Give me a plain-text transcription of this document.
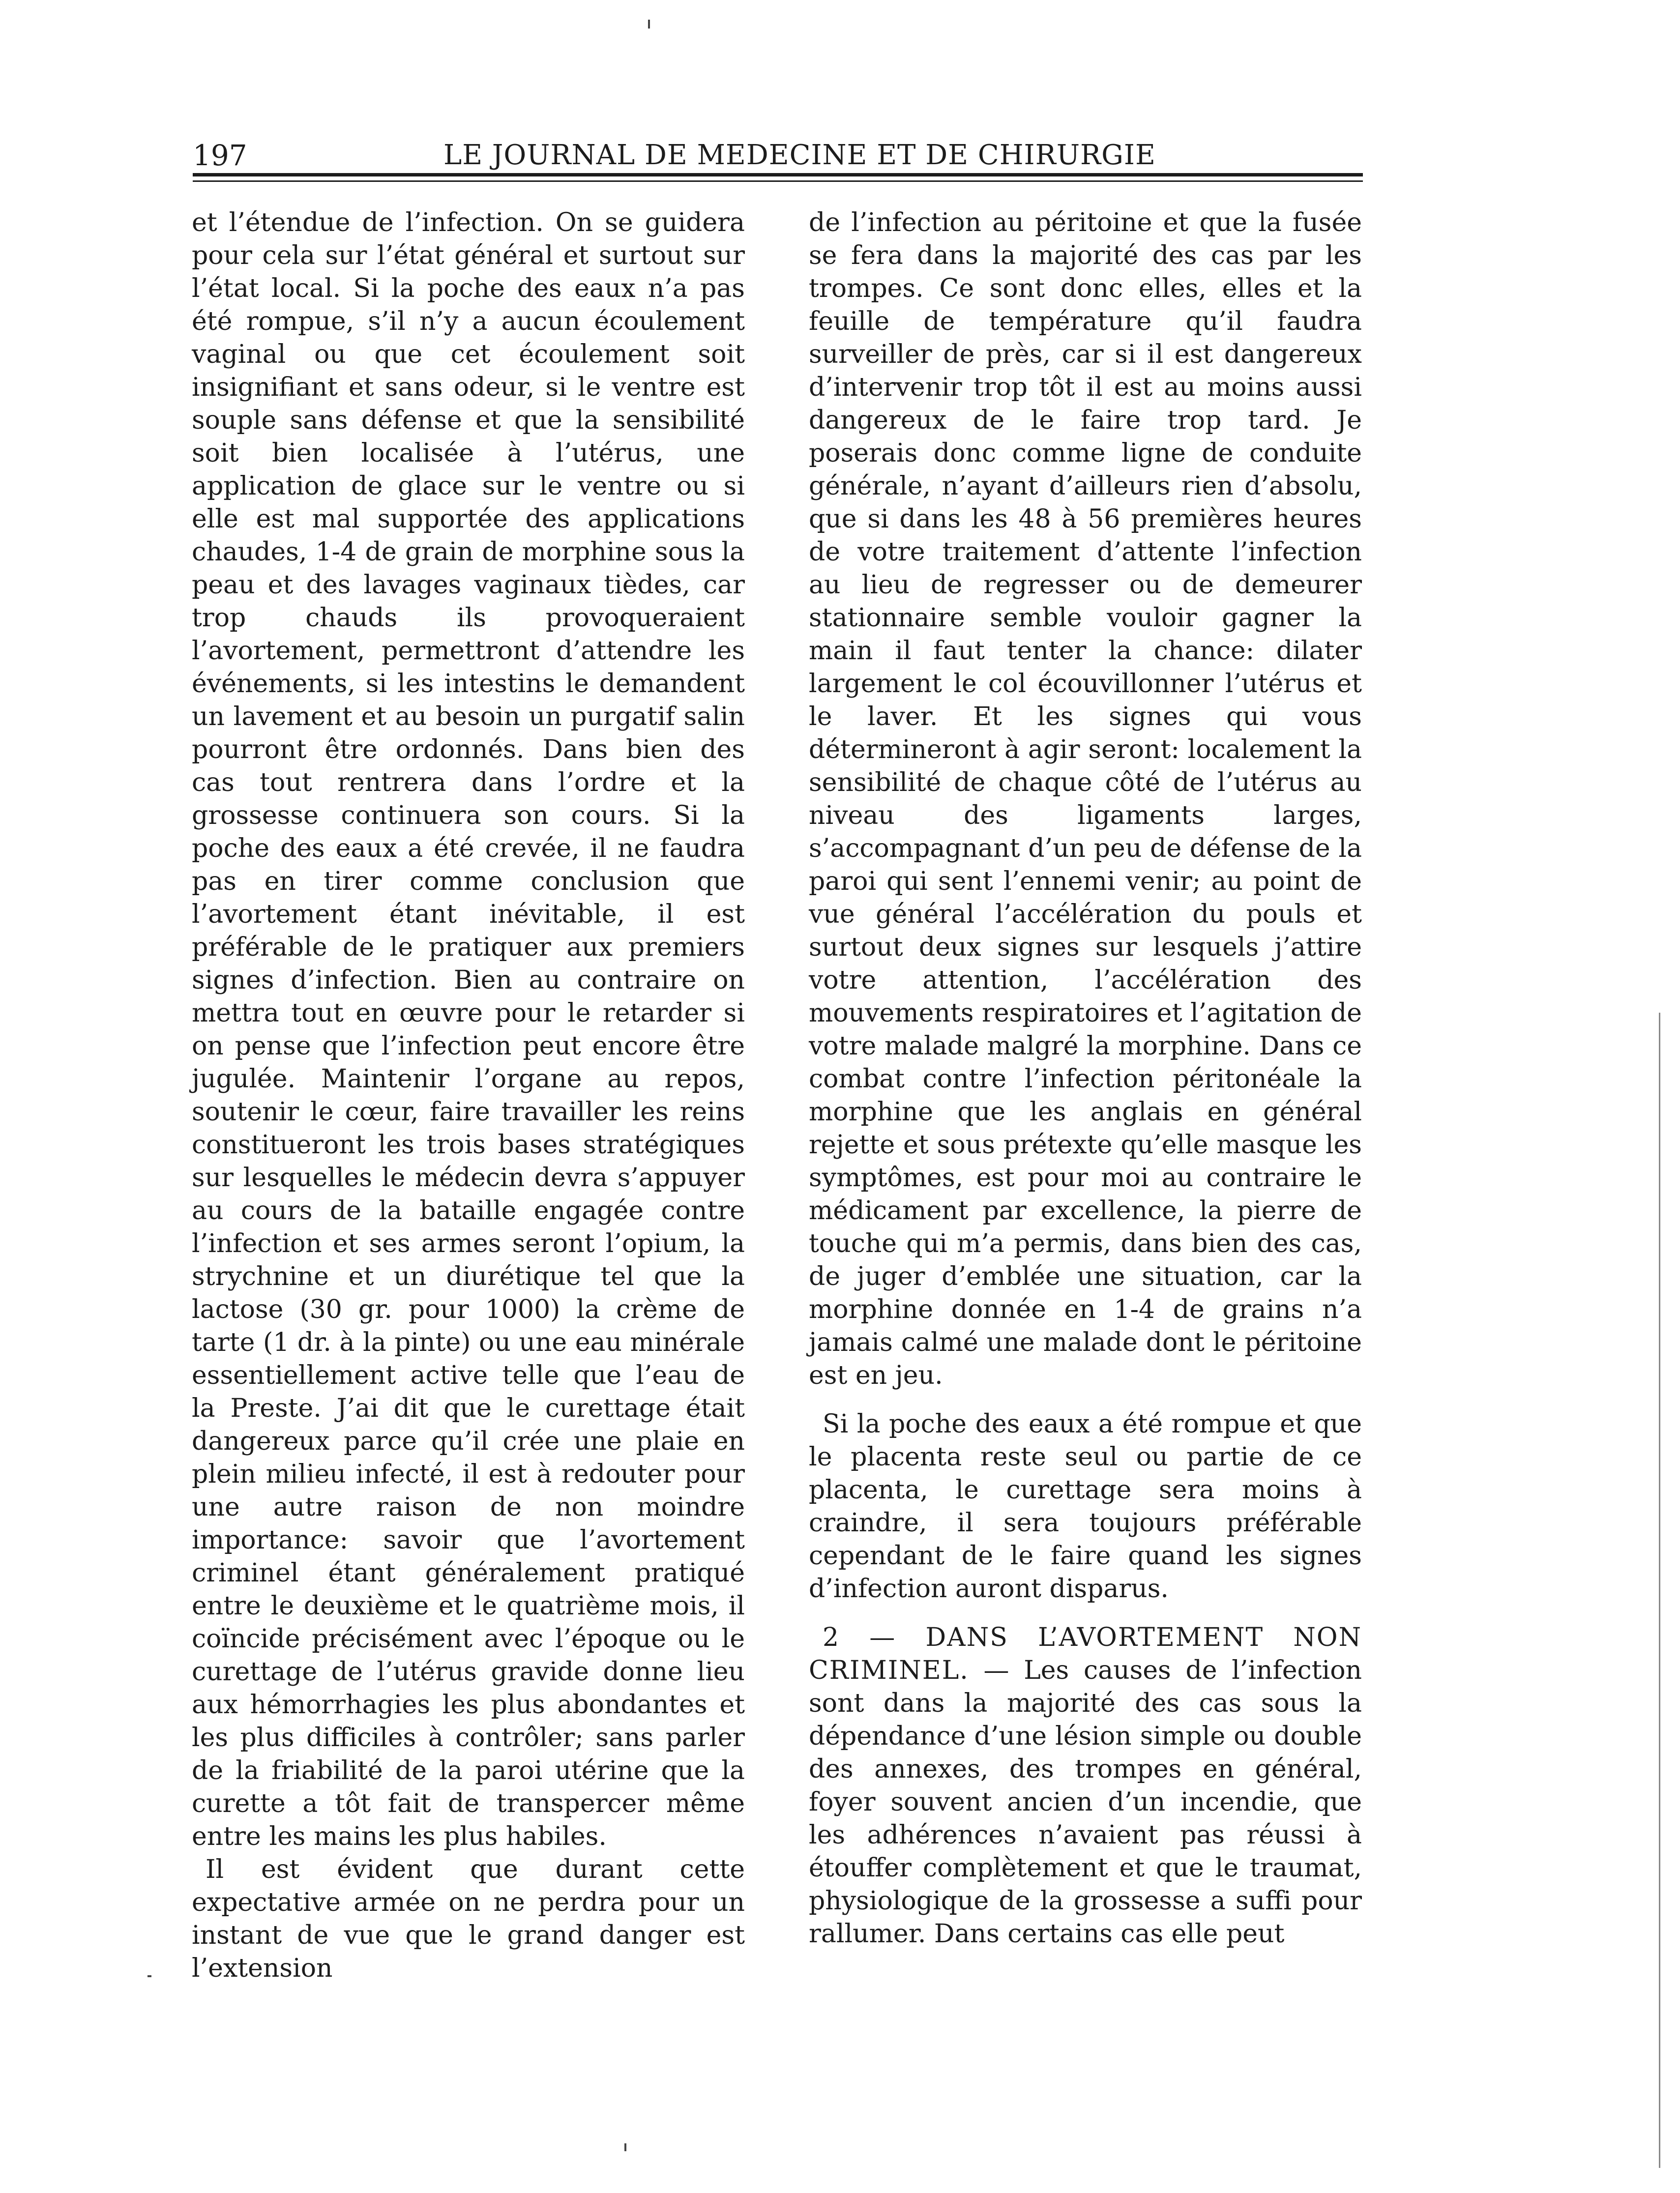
197	LE JOURNAL DE MEDECINE ET DE CHIRURGIE

et l’étendue de l’infection. On se guidera pour cela sur l’état général et surtout sur l’état local. Si la poche des eaux n’a pas été rompue, s’il n’y a aucun écoulement vaginal ou que cet écoulement soit insignifiant et sans odeur, si le ventre est souple sans défense et que la sensibilité soit bien localisée à l’utérus, une application de glace sur le ventre ou si elle est mal supportée des applications chaudes, 1-4 de grain de morphine sous la peau et des lavages vaginaux tièdes, car trop chauds ils provoqueraient l’avortement, permettront d’attendre les événements, si les intestins le demandent un lavement et au besoin un purgatif salin pourront être ordonnés. Dans bien des cas tout rentrera dans l’ordre et la grossesse continuera son cours. Si la poche des eaux a été crevée, il ne faudra pas en tirer comme conclusion que l’avortement étant inévitable, il est préférable de le pratiquer aux premiers signes d’infection. Bien au contraire on mettra tout en œuvre pour le retarder si on pense que l’infection peut encore être jugulée. Maintenir l’organe au repos, soutenir le cœur, faire travailler les reins constitueront les trois bases stratégiques sur lesquelles le médecin devra s’appuyer au cours de la bataille engagée contre l’infection et ses armes seront l’opium, la strychnine et un diurétique tel que la lactose (30 gr. pour 1000) la crème de tarte (1 dr. à la pinte) ou une eau minérale essentiellement active telle que l’eau de la Preste. J’ai dit que le curettage était dangereux parce qu’il crée une plaie en plein milieu infecté, il est à redouter pour une autre raison de non moindre importance: savoir que l’avortement criminel étant généralement pratiqué entre le deuxième et le quatrième mois, il coïncide précisément avec l’époque ou le curettage de l’utérus gravide donne lieu aux hémorrhagies les plus abondantes et les plus difficiles à contrôler; sans parler de la friabilité de la paroi utérine que la curette a tôt fait de transpercer même entre les mains les plus habiles.

Il est évident que durant cette expectative armée on ne perdra pour un instant de vue que le grand danger est l’extension

de l’infection au péritoine et que la fusée se fera dans la majorité des cas par les trompes. Ce sont donc elles, elles et la feuille de température qu’il faudra surveiller de près, car si il est dangereux d’intervenir trop tôt il est au moins aussi dangereux de le faire trop tard. Je poserais donc comme ligne de conduite générale, n’ayant d’ailleurs rien d’absolu, que si dans les 48 à 56 premières heures de votre traitement d’attente l’infection au lieu de regresser ou de demeurer stationnaire semble vouloir gagner la main il faut tenter la chance: dilater largement le col écouvillonner l’utérus et le laver. Et les signes qui vous détermineront à agir seront: localement la sensibilité de chaque côté de l’utérus au niveau des ligaments larges, s’accompagnant d’un peu de défense de la paroi qui sent l’ennemi venir; au point de vue général l’accélération du pouls et surtout deux signes sur lesquels j’attire votre attention, l’accélération des mouvements respiratoires et l’agitation de votre malade malgré la morphine. Dans ce combat contre l’infection péritonéale la morphine que les anglais en général rejette et sous prétexte qu’elle masque les symptômes, est pour moi au contraire le médicament par excellence, la pierre de touche qui m’a permis, dans bien des cas, de juger d’emblée une situation, car la morphine donnée en 1-4 de grains n’a jamais calmé une malade dont le péritoine est en jeu.

Si la poche des eaux a été rompue et que le placenta reste seul ou partie de ce placenta, le curettage sera moins à craindre, il sera toujours préférable cependant de le faire quand les signes d’infection auront disparus.

2 — DANS L’AVORTEMENT NON CRIMINEL. — Les causes de l’infection sont dans la majorité des cas sous la dépendance d’une lésion simple ou double des annexes, des trompes en général, foyer souvent ancien d’un incendie, que les adhérences n’avaient pas réussi à étouffer complètement et que le traumat, physiologique de la grossesse a suffi pour rallumer. Dans certains cas elle peut
